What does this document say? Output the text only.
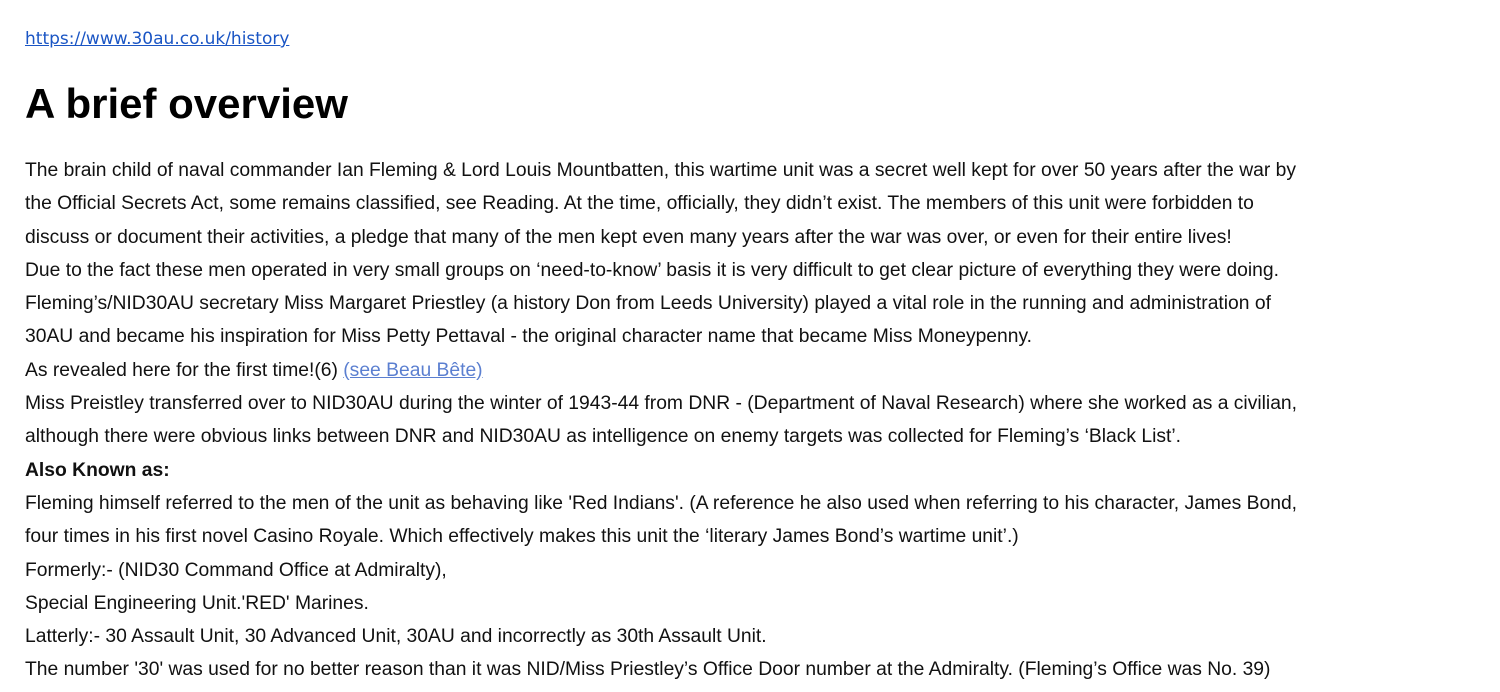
https://www.30au.co.uk/history
A brief overview
The brain child of naval commander Ian Fleming & Lord Louis Mountbatten, this wartime unit was a secret well kept for over 50 years after the war by
the Official Secrets Act, some remains classified, see Reading. At the time, officially, they didn’t exist. The members of this unit were forbidden to
discuss or document their activities, a pledge that many of the men kept even many years after the war was over, or even for their entire lives!
Due to the fact these men operated in very small groups on ‘need-to-know’ basis it is very difficult to get clear picture of everything they were doing.
Fleming’s/NID30AU secretary Miss Margaret Priestley (a history Don from Leeds University) played a vital role in the running and administration of
30AU and became his inspiration for Miss Petty Pettaval - the original character name that became Miss Moneypenny.
As revealed here for the first time!(6) (see Beau Bête)
Miss Preistley transferred over to NID30AU during the winter of 1943-44 from DNR - (Department of Naval Research) where she worked as a civilian,
although there were obvious links between DNR and NID30AU as intelligence on enemy targets was collected for Fleming’s ‘Black List’.
Also Known as:
Fleming himself referred to the men of the unit as behaving like 'Red Indians'. (A reference he also used when referring to his character, James Bond,
four times in his first novel Casino Royale. Which effectively makes this unit the ‘literary James Bond’s wartime unit’.)
Formerly:- (NID30 Command Office at Admiralty),
Special Engineering Unit.'RED' Marines.
Latterly:- 30 Assault Unit, 30 Advanced Unit, 30AU and incorrectly as 30th Assault Unit.
The number '30' was used for no better reason than it was NID/Miss Priestley’s Office Door number at the Admiralty. (Fleming’s Office was No. 39)
